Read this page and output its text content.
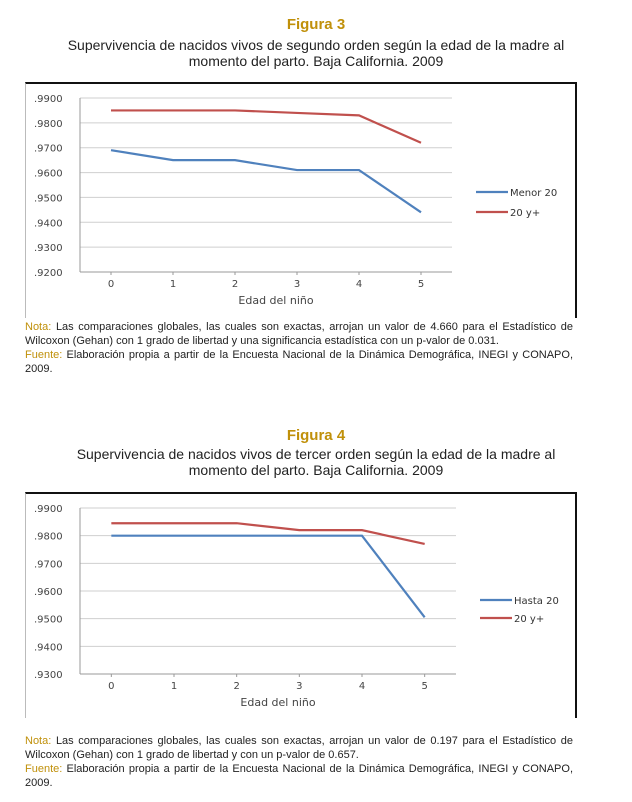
Figura 3
Supervivencia de nacidos vivos de segundo orden según la edad de la madre al
momento del parto. Baja California. 2009
.9200
.9300
.9400
.9500
.9600
.9700
.9800
.9900
0	1	2	3	4	5
Edad del niño
Menor 20
20 y+

Nota: Las comparaciones globales, las cuales son exactas, arrojan un valor de 4.660 para el Estadístico de Wilcoxon (Gehan) con 1 grado de libertad y una significancia estadística con un p-valor de 0.031.

Fuente: Elaboración propia a partir de la Encuesta Nacional de la Dinámica Demográfica, INEGI y CONAPO, 2009.

Figura 4
Supervivencia de nacidos vivos de tercer orden según la edad de la madre al
momento del parto. Baja California. 2009
.9300
.9400
.9500
.9600
.9700
.9800
.9900
0	1	2	3	4	5
Edad del niño
Hasta 20
20 y+

Nota: Las comparaciones globales, las cuales son exactas, arrojan un valor de 0.197 para el Estadístico de Wilcoxon (Gehan) con 1 grado de libertad y con un p-valor de 0.657.

Fuente: Elaboración propia a partir de la Encuesta Nacional de la Dinámica Demográfica, INEGI y CONAPO, 2009.
